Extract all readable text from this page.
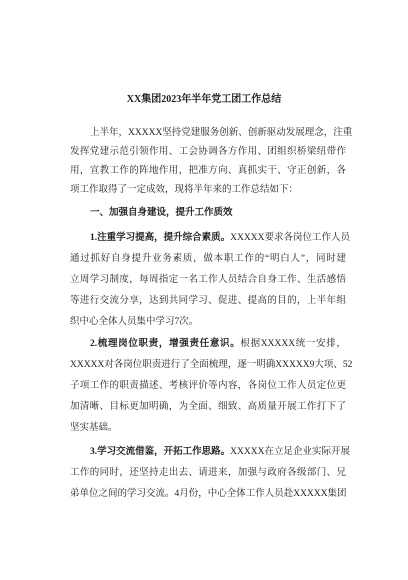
XX集团2023年半年党工团工作总结
上半年，XXXXX坚持党建服务创新、创新驱动发展理念，注重
发挥党建示范引领作用、工会协调各方作用、团组织桥梁纽带作
用，宣教工作的阵地作用，把准方向、真抓实干、守正创新，各
项工作取得了一定成效，现将半年来的工作总结如下：
一、加强自身建设，提升工作质效
1.注重学习提高，提升综合素质。XXXXX要求各岗位工作人员
通过抓好自身提升业务素质，做本职工作的“明白人”，同时建
立周学习制度，每周指定一名工作人员结合自身工作、生活感悟
等进行交流分享，达到共同学习、促进、提高的目的，上半年组
织中心全体人员集中学习7次。
2.梳理岗位职责，增强责任意识。根据XXXXX统一安排，
XXXXX对各岗位职责进行了全面梳理，逐一明确XXXXX9大项、52
子项工作的职责描述、考核评价等内容，各岗位工作人员定位更
加清晰、目标更加明确，为全面、细致、高质量开展工作打下了
坚实基础。
3.学习交流借鉴，开拓工作思路。XXXXX在立足企业实际开展
工作的同时，还坚持走出去、请进来，加强与政府各级部门、兄
弟单位之间的学习交流。4月份，中心全体工作人员赴XXXXX集团
